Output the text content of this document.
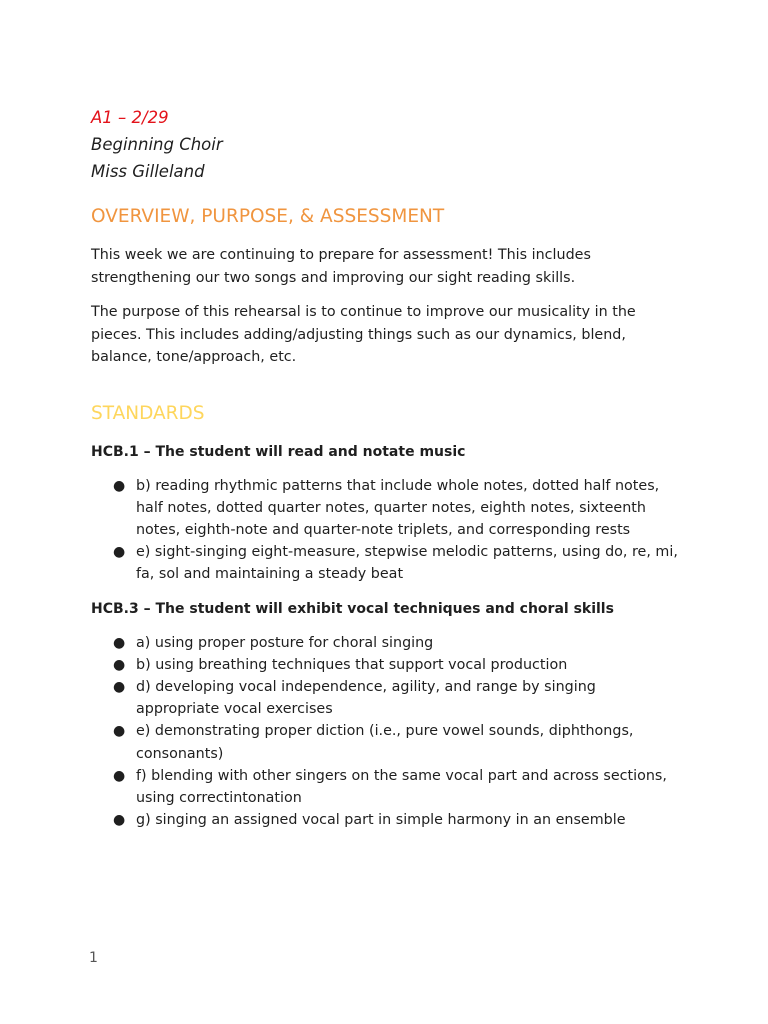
A1 – 2/29

Beginning Choir

Miss Gilleland

OVERVIEW, PURPOSE, & ASSESSMENT

This week we are continuing to prepare for assessment! This includes strengthening our two songs and improving our sight reading skills.

The purpose of this rehearsal is to continue to improve our musicality in the pieces. This includes adding/adjusting things such as our dynamics, blend, balance, tone/approach, etc.

STANDARDS

HCB.1 – The student will read and notate music

● b) reading rhythmic patterns that include whole notes, dotted half notes, half notes, dotted quarter notes, quarter notes, eighth notes, sixteenth notes, eighth-note and quarter-note triplets, and corresponding rests
● e) sight-singing eight-measure, stepwise melodic patterns, using do, re, mi, fa, sol and maintaining a steady beat

HCB.3 – The student will exhibit vocal techniques and choral skills

● a) using proper posture for choral singing
● b) using breathing techniques that support vocal production
● d) developing vocal independence, agility, and range by singing appropriate vocal exercises
● e) demonstrating proper diction (i.e., pure vowel sounds, diphthongs, consonants)
● f) blending with other singers on the same vocal part and across sections, using correctintonation
● g) singing an assigned vocal part in simple harmony in an ensemble
1
